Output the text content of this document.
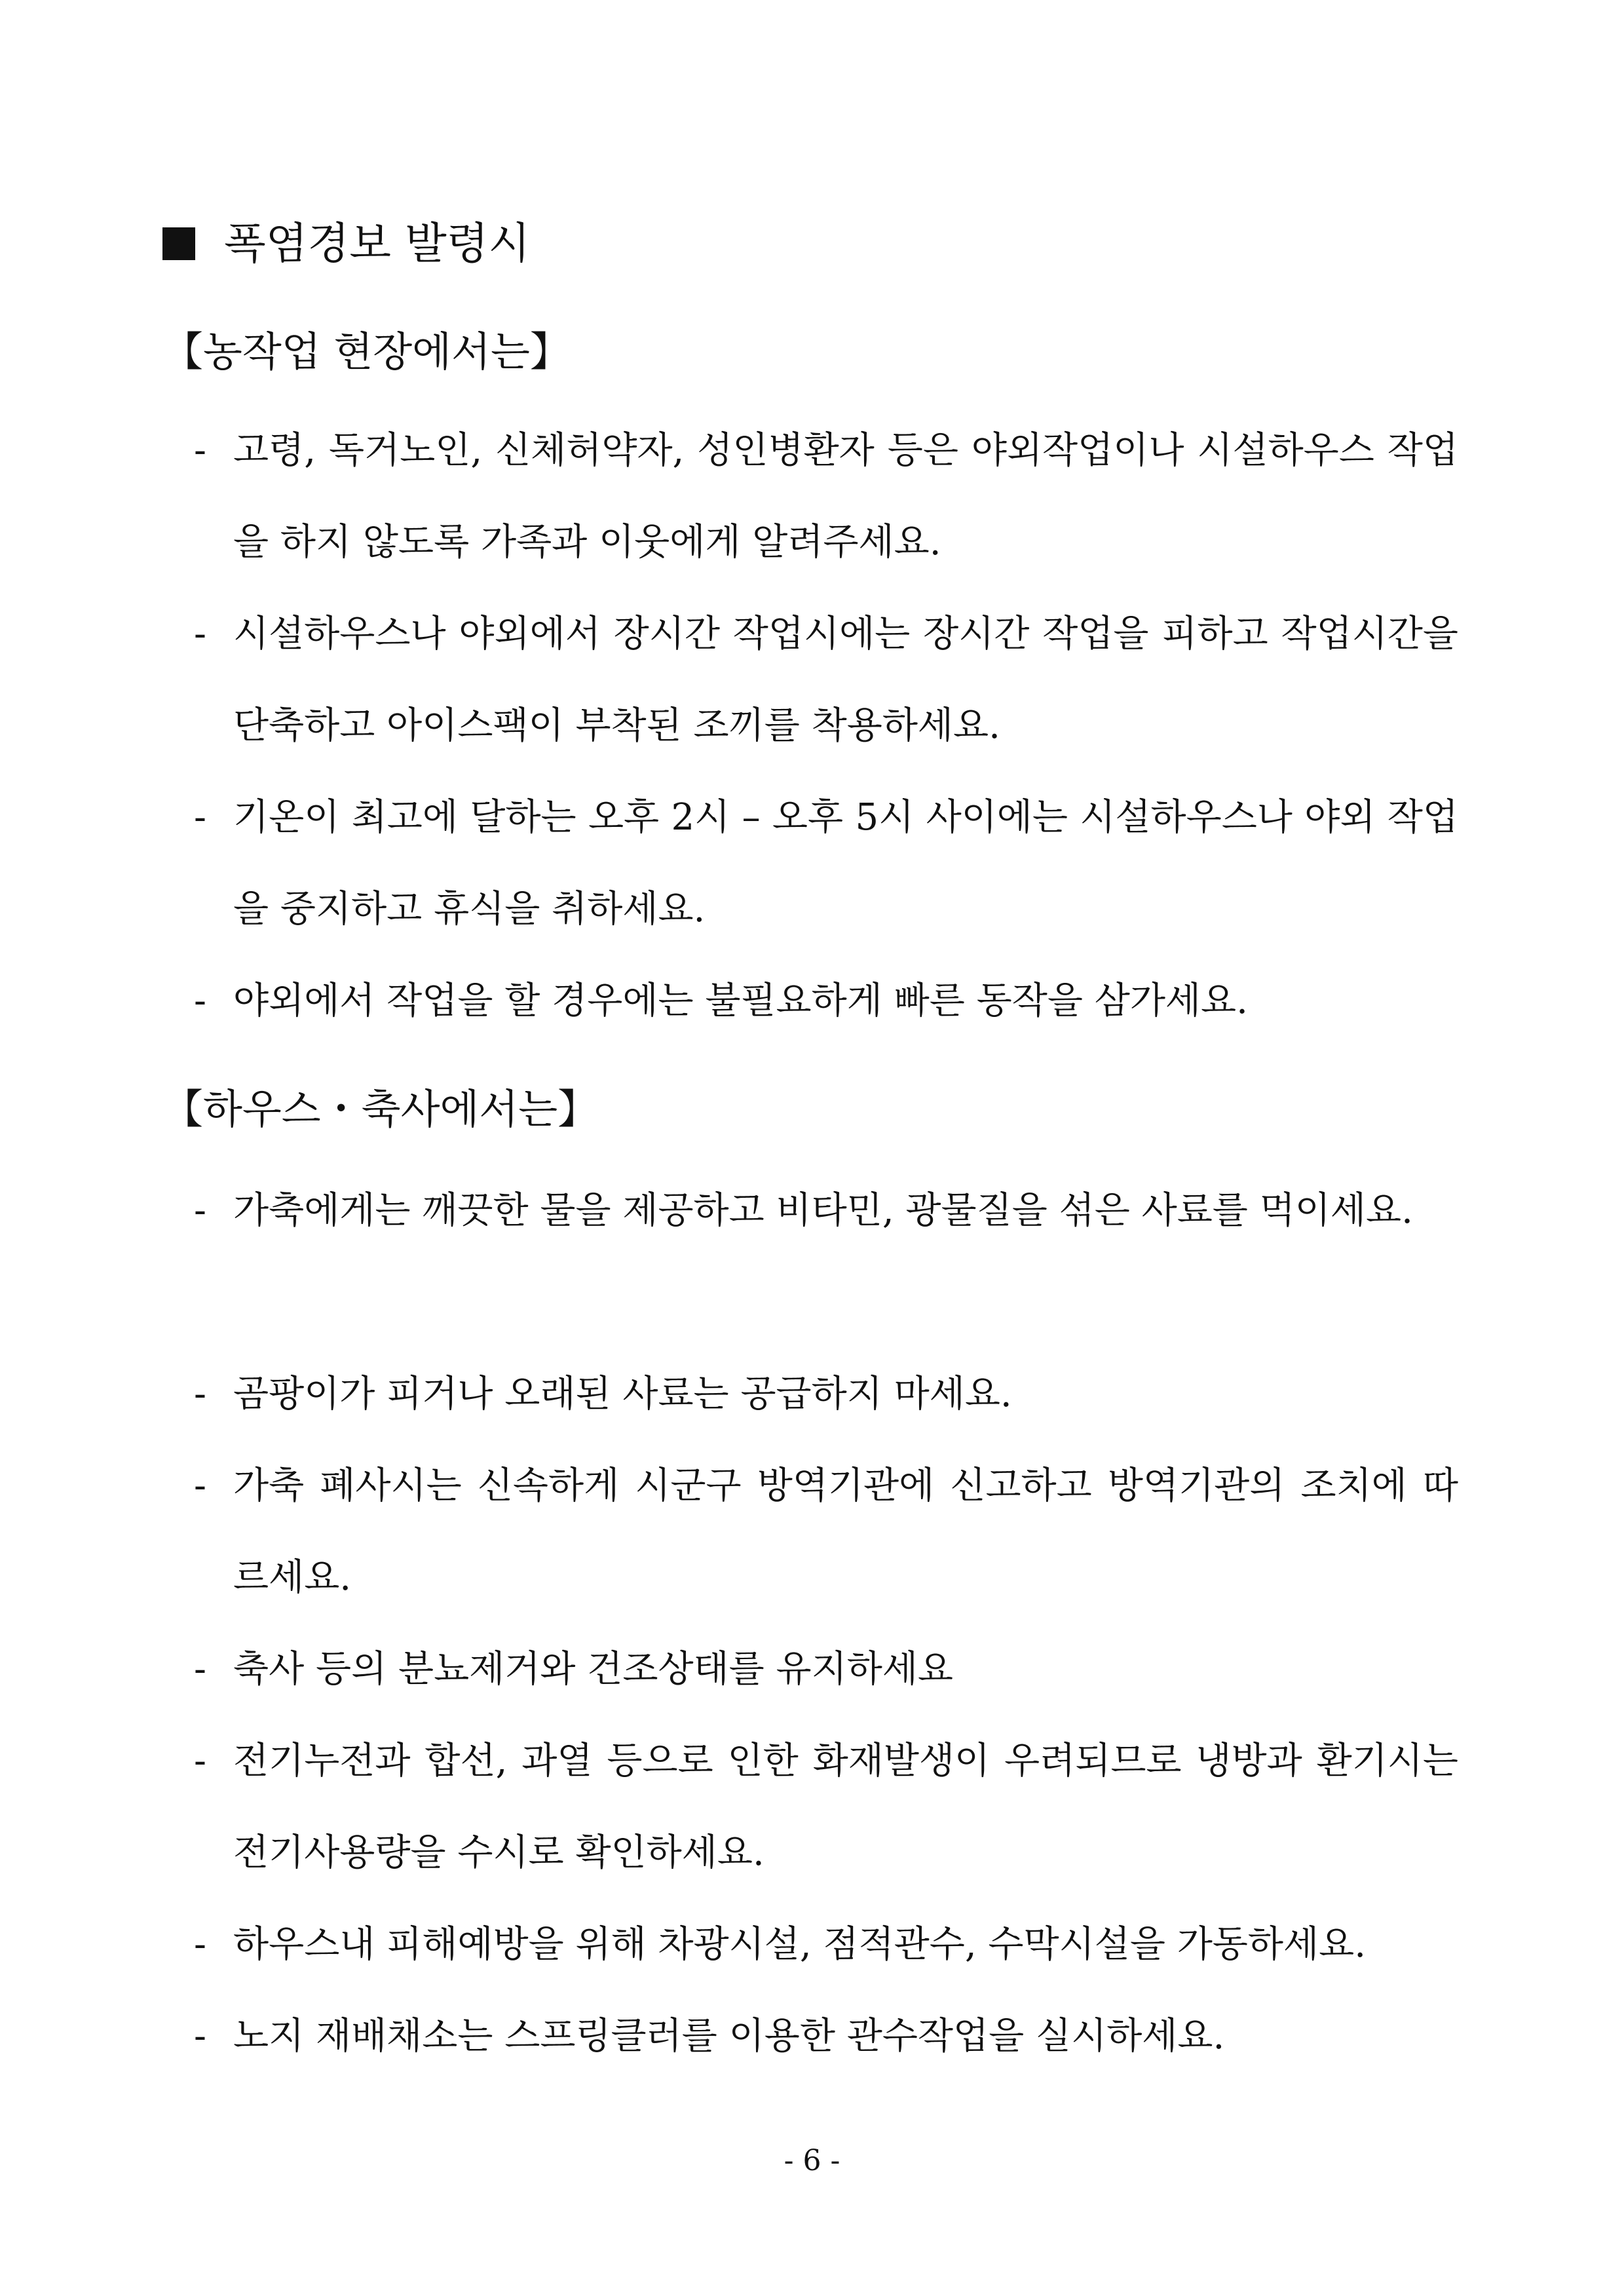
폭염경보 발령시
【농작업 현장에서는】
- 고령, 독거노인, 신체허약자, 성인병환자 등은 야외작업이나 시설하우스 작업을 하지 않도록 가족과 이웃에게 알려주세요.
- 시설하우스나 야외에서 장시간 작업시에는 장시간 작업을 피하고 작업시간을 단축하고 아이스팩이 부착된 조끼를 착용하세요.
- 기온이 최고에 달하는 오후 2시 – 오후 5시 사이에는 시설하우스나 야외 작업을 중지하고 휴식을 취하세요.
- 야외에서 작업을 할 경우에는 불필요하게 빠른 동작을 삼가세요.
【하우스・축사에서는】
- 가축에게는 깨끗한 물을 제공하고 비타민, 광물질을 섞은 사료를 먹이세요.
- 곰팡이가 피거나 오래된 사료는 공급하지 마세요.
- 가축 폐사시는 신속하게 시군구 방역기관에 신고하고 방역기관의 조치에 따르세요.
- 축사 등의 분뇨제거와 건조상태를 유지하세요
- 전기누전과 합선, 과열 등으로 인한 화재발생이 우려되므로 냉방과 환기시는 전기사용량을 수시로 확인하세요.
- 하우스내 피해예방을 위해 차광시설, 점적관수, 수막시설을 가동하세요.
- 노지 재배채소는 스프링클러를 이용한 관수작업을 실시하세요.
- 6 -
